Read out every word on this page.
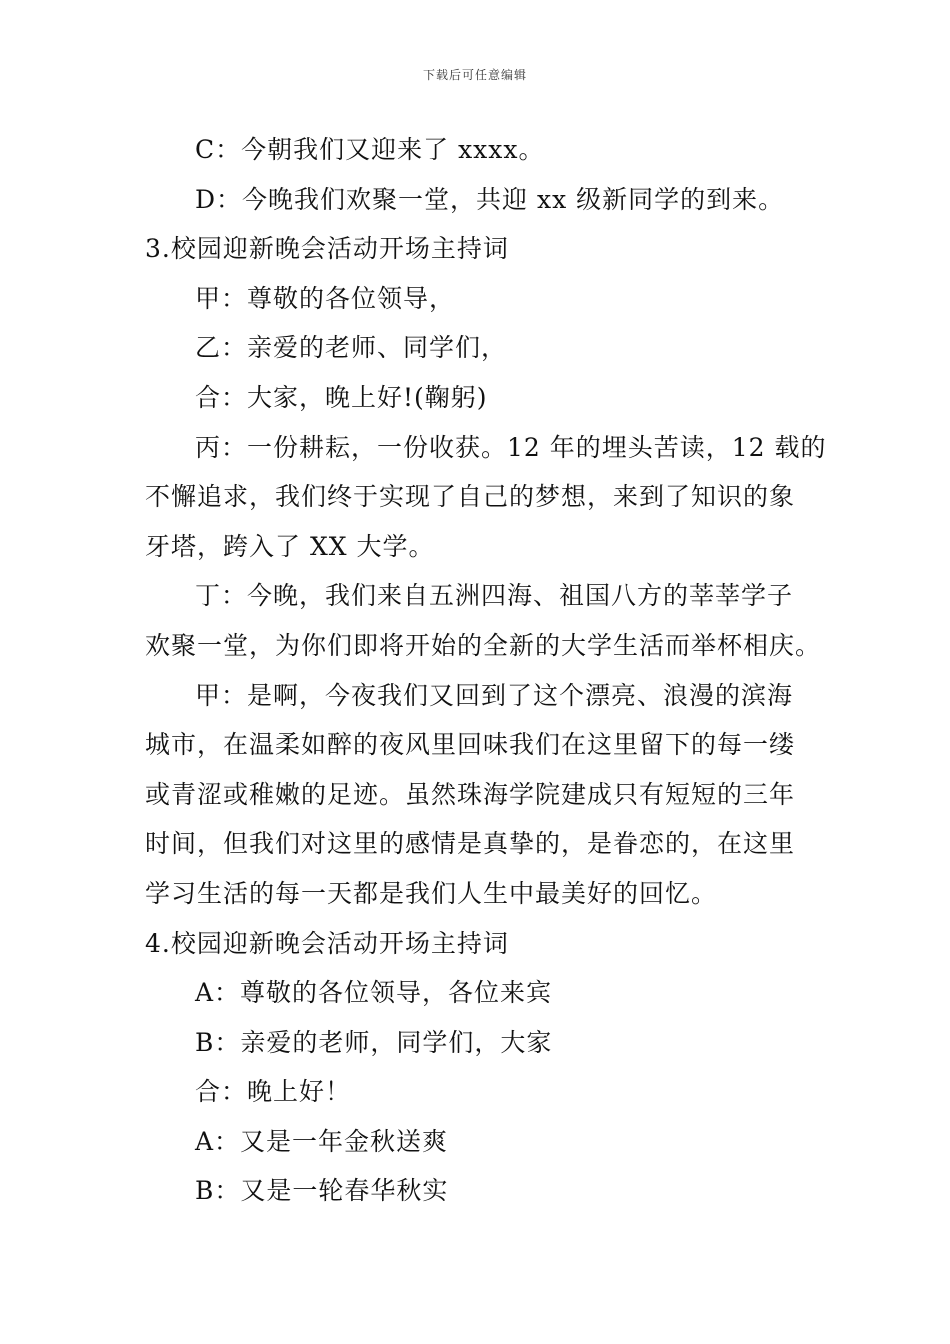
下载后可任意编辑
C：今朝我们又迎来了 xxxx。
D：今晚我们欢聚一堂，共迎 xx 级新同学的到来。
3.校园迎新晚会活动开场主持词
甲：尊敬的各位领导，
乙：亲爱的老师、同学们，
合：大家，晚上好!(鞠躬)
丙：一份耕耘，一份收获。12 年的埋头苦读，12 载的
不懈追求，我们终于实现了自己的梦想，来到了知识的象
牙塔，跨入了 XX 大学。
丁：今晚，我们来自五洲四海、祖国八方的莘莘学子
欢聚一堂，为你们即将开始的全新的大学生活而举杯相庆。
甲：是啊，今夜我们又回到了这个漂亮、浪漫的滨海
城市，在温柔如醉的夜风里回味我们在这里留下的每一缕
或青涩或稚嫩的足迹。虽然珠海学院建成只有短短的三年
时间，但我们对这里的感情是真挚的，是眷恋的，在这里
学习生活的每一天都是我们人生中最美好的回忆。
4.校园迎新晚会活动开场主持词
A：尊敬的各位领导，各位来宾
B：亲爱的老师，同学们，大家
合：晚上好！
A：又是一年金秋送爽
B：又是一轮春华秋实
